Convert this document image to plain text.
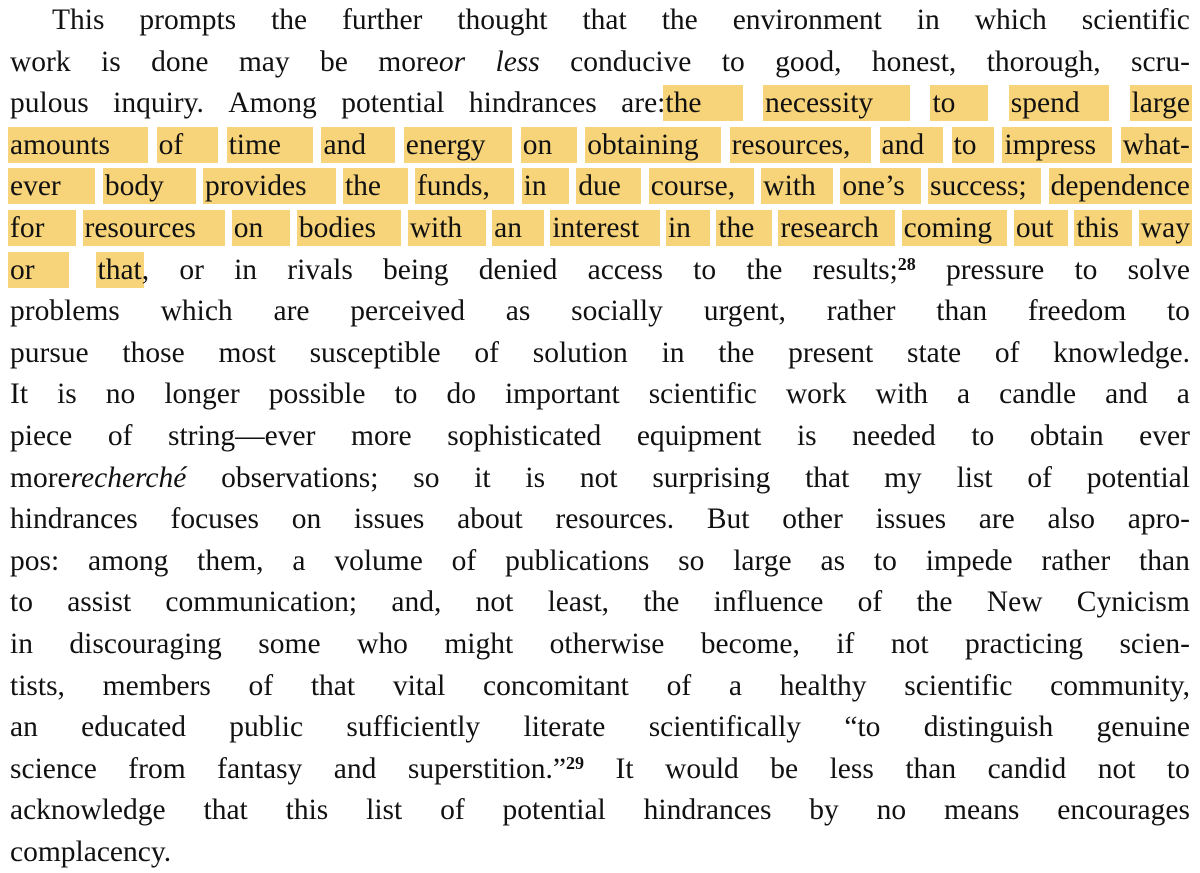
This prompts the further thought that the environment in which scientific
work is done may be moreor less conducive to good, honest, thorough, scru-
pulous inquiry. Among potential hindrances are:the	necessity	to	spend	large
amounts	of	time	and	energy	on	obtaining	resources,	and to impress what-
ever	body	provides	the	funds,	in	due	course, with one’s success; dependence
for	resources	on	bodies	with	an	interest in the research coming out this way
or	that, or in rivals being denied access to the results;$^{28}$ pressure to solve
problems which are perceived as socially urgent, rather than freedom to
pursue those most susceptible of solution in the present state of knowledge.
It is no longer possible to do important scientific work with a candle and a
piece of string—ever more sophisticated equipment is needed to obtain ever
morerecherché observations; so it is not surprising that my list of potential
hindrances focuses on issues about resources. But other issues are also apro-
pos: among them, a volume of publications so large as to impede rather than
to assist communication; and, not least, the influence of the New Cynicism
in discouraging some who might otherwise become, if not practicing scien-
tists, members of that vital concomitant of a healthy scientific community,
an educated public sufficiently literate scientifically “to distinguish genuine
science from fantasy and superstition.”$^{29}$ It would be less than candid not to
acknowledge that this list of potential hindrances by no means encourages
complacency.
